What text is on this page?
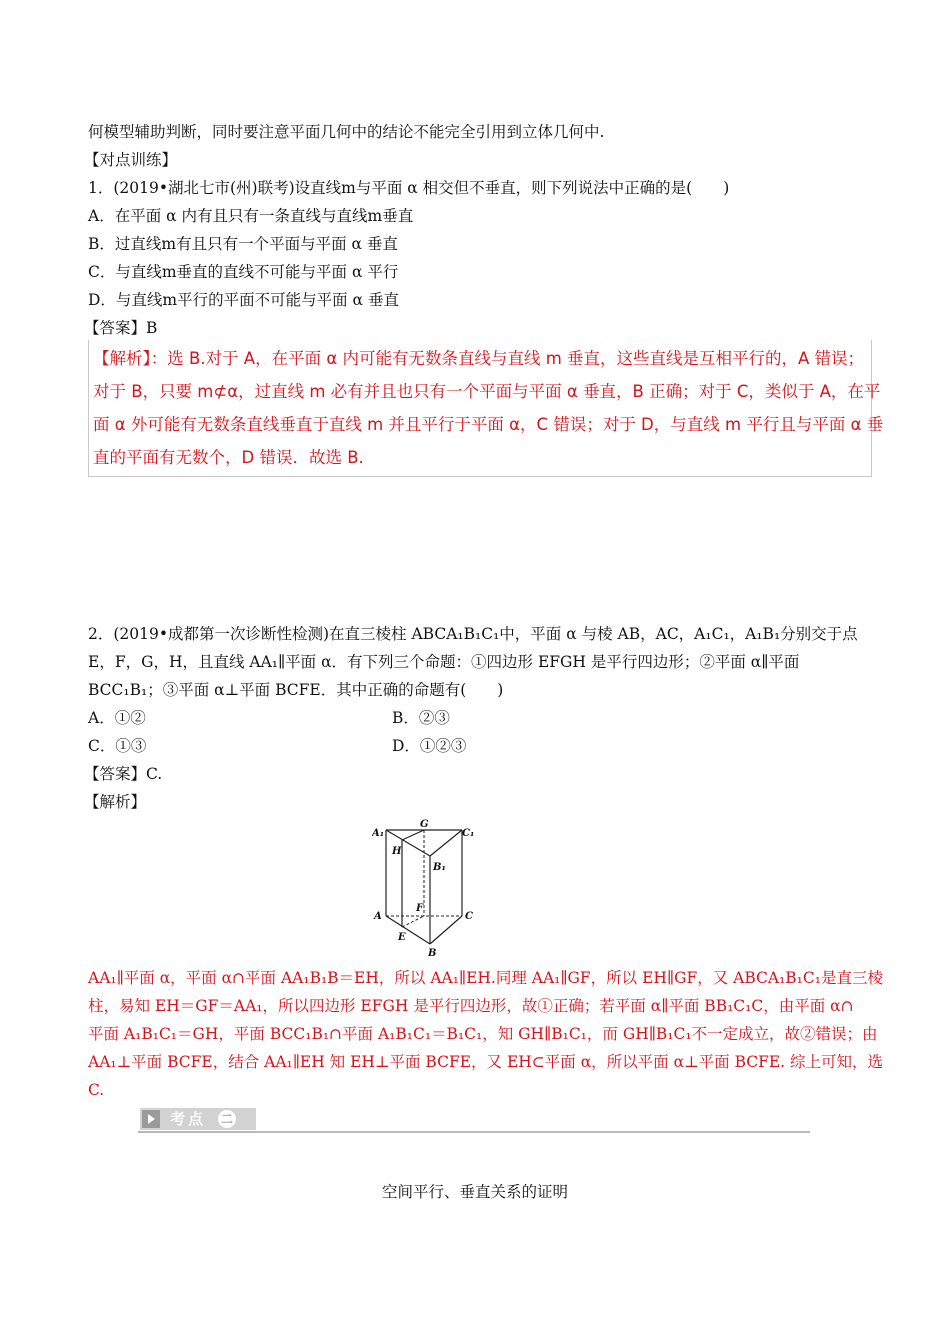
何模型辅助判断，同时要注意平面几何中的结论不能完全引用到立体几何中.
【对点训练】
1．(2019•湖北七市(州)联考)设直线m与平面 α 相交但不垂直，则下列说法中正确的是(　　)
A．在平面 α 内有且只有一条直线与直线m垂直
B．过直线m有且只有一个平面与平面 α 垂直
C．与直线m垂直的直线不可能与平面 α 平行
D．与直线m平行的平面不可能与平面 α 垂直
【答案】B
【解析】：选 B.对于 A，在平面 α 内可能有无数条直线与直线 m 垂直，这些直线是互相平行的，A 错误；
对于 B，只要 m⊄α，过直线 m 必有并且也只有一个平面与平面 α 垂直，B 正确；对于 C，类似于 A，在平
面 α 外可能有无数条直线垂直于直线 m 并且平行于平面 α，C 错误；对于 D，与直线 m 平行且与平面 α 垂
直的平面有无数个，D 错误．故选 B.
2．(2019•成都第一次诊断性检测)在直三棱柱 ABCA₁B₁C₁中，平面 α 与棱 AB，AC，A₁C₁，A₁B₁分别交于点
E，F，G，H，且直线 AA₁∥平面 α．有下列三个命题：①四边形 EFGH 是平行四边形；②平面 α∥平面
BCC₁B₁；③平面 α⊥平面 BCFE．其中正确的命题有(　　)
A．①②	B．②③
C．①③	D．①②③
【答案】C.
【解析】
A₁
G
C₁
H
B₁
A
F
C
E
B
AA₁∥平面 α，平面 α∩平面 AA₁B₁B＝EH，所以 AA₁∥EH.同理 AA₁∥GF，所以 EH∥GF，又 ABCA₁B₁C₁是直三棱
柱，易知 EH＝GF＝AA₁，所以四边形 EFGH 是平行四边形，故①正确；若平面 α∥平面 BB₁C₁C，由平面 α∩
平面 A₁B₁C₁＝GH，平面 BCC₁B₁∩平面 A₁B₁C₁＝B₁C₁，知 GH∥B₁C₁，而 GH∥B₁C₁不一定成立，故②错误；由
AA₁⊥平面 BCFE，结合 AA₁∥EH 知 EH⊥平面 BCFE，又 EH⊂平面 α，所以平面 α⊥平面 BCFE. 综上可知，选
C.
考点 二
空间平行、垂直关系的证明
